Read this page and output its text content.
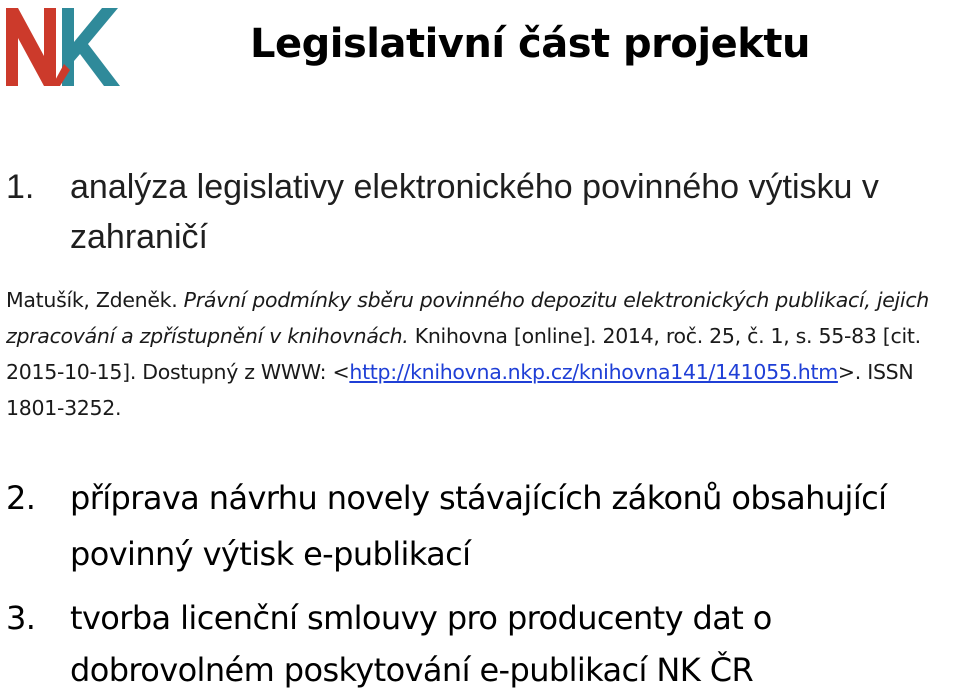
Legislativní část projektu
1.	analýza legislativy elektronického povinného výtisku v zahraničí

Matušík, Zdeněk. Právní podmínky sběru povinného depozitu elektronických publikací, jejich zpracování a zpřístupnění v knihovnách. Knihovna [online]. 2014, roč. 25, č. 1, s. 55-83 [cit. 2015-10-15]. Dostupný z WWW: <http://knihovna.nkp.cz/knihovna141/141055.htm>. ISSN 1801-3252.

2.	příprava návrhu novely stávajících zákonů obsahující povinný výtisk e-publikací
3.	tvorba licenční smlouvy pro producenty dat o dobrovolném poskytování e-publikací NK ČR
